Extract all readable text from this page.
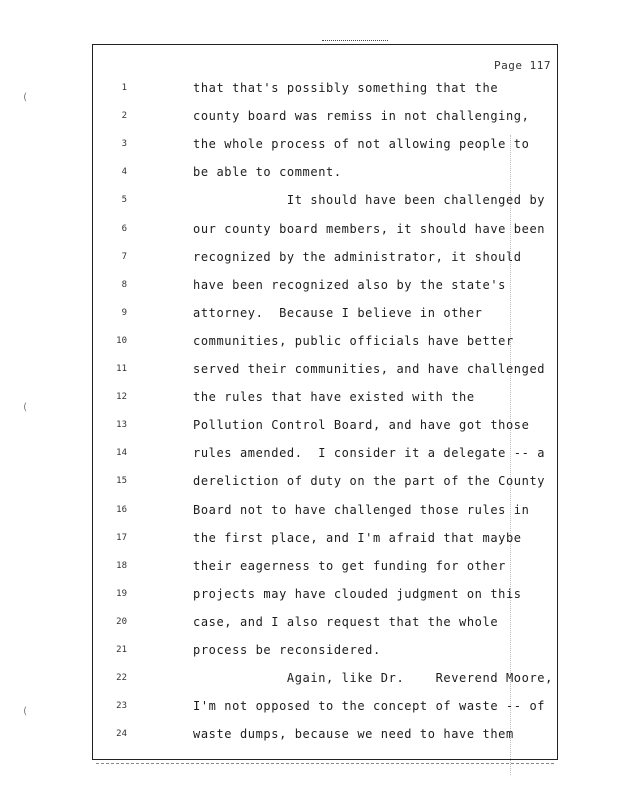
(
(
(
Page 117
1	that that's possibly something that the
2	county board was remiss in not challenging,
3	the whole process of not allowing people to
4	be able to comment.
5	It should have been challenged by
6	our county board members, it should have been
7	recognized by the administrator, it should
8	have been recognized also by the state's
9	attorney.  Because I believe in other
10	communities, public officials have better
11	served their communities, and have challenged
12	the rules that have existed with the
13	Pollution Control Board, and have got those
14	rules amended.  I consider it a delegate -- a
15	dereliction of duty on the part of the County
16	Board not to have challenged those rules in
17	the first place, and I'm afraid that maybe
18	their eagerness to get funding for other
19	projects may have clouded judgment on this
20	case, and I also request that the whole
21	process be reconsidered.
22	Again, like Dr.    Reverend Moore,
23	I'm not opposed to the concept of waste -- of
24	waste dumps, because we need to have them
